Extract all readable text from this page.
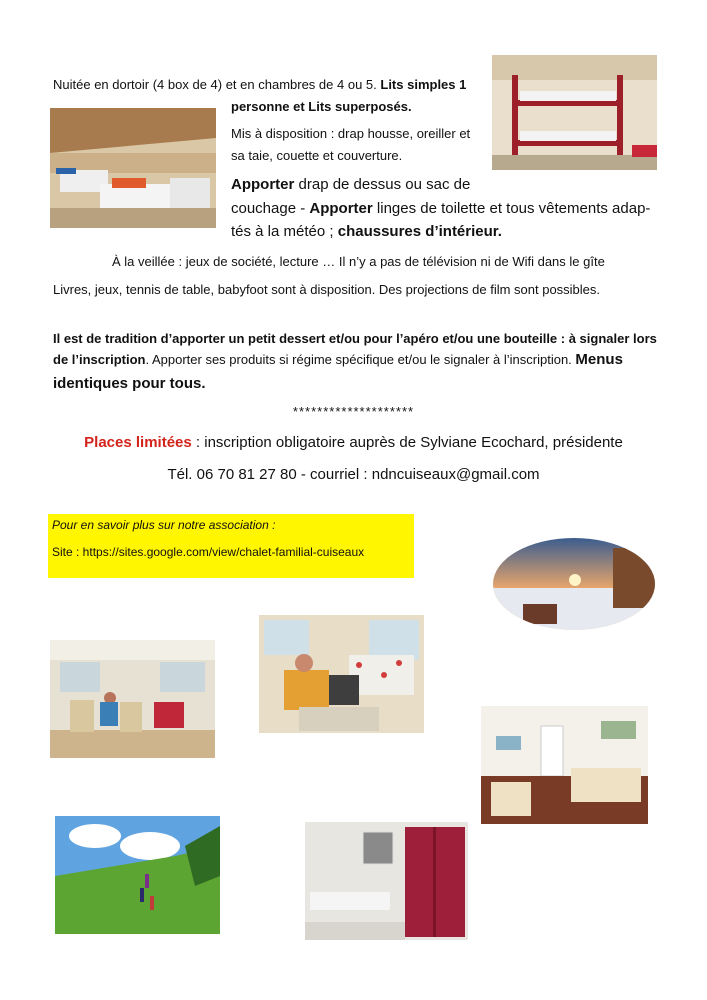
Nuitée en dortoir (4 box de 4) et en chambres de 4 ou 5. Lits simples 1
personne et Lits superposés.
Mis à disposition : drap housse, oreiller et
sa taie, couette et couverture.
Apporter drap de dessus ou sac de
couchage - Apporter linges de toilette et tous vêtements adap-
tés à la météo ; chaussures d’intérieur.
À la veillée : jeux de société, lecture … Il n’y a pas de télévision ni de Wifi dans le gîte
Livres, jeux, tennis de table, babyfoot sont à disposition. Des projections de film sont possibles.
Il est de tradition d’apporter un petit dessert et/ou pour l’apéro et/ou une bouteille : à signaler lors
de l’inscription. Apporter ses produits si régime spécifique et/ou le signaler à l’inscription. Menus
identiques pour tous.
********************
Places limitées : inscription obligatoire auprès de Sylviane Ecochard, présidente
Tél. 06 70 81 27 80 - courriel : ndncuiseaux@gmail.com
Pour en savoir plus sur notre association :
Site : https://sites.google.com/view/chalet-familial-cuiseaux
